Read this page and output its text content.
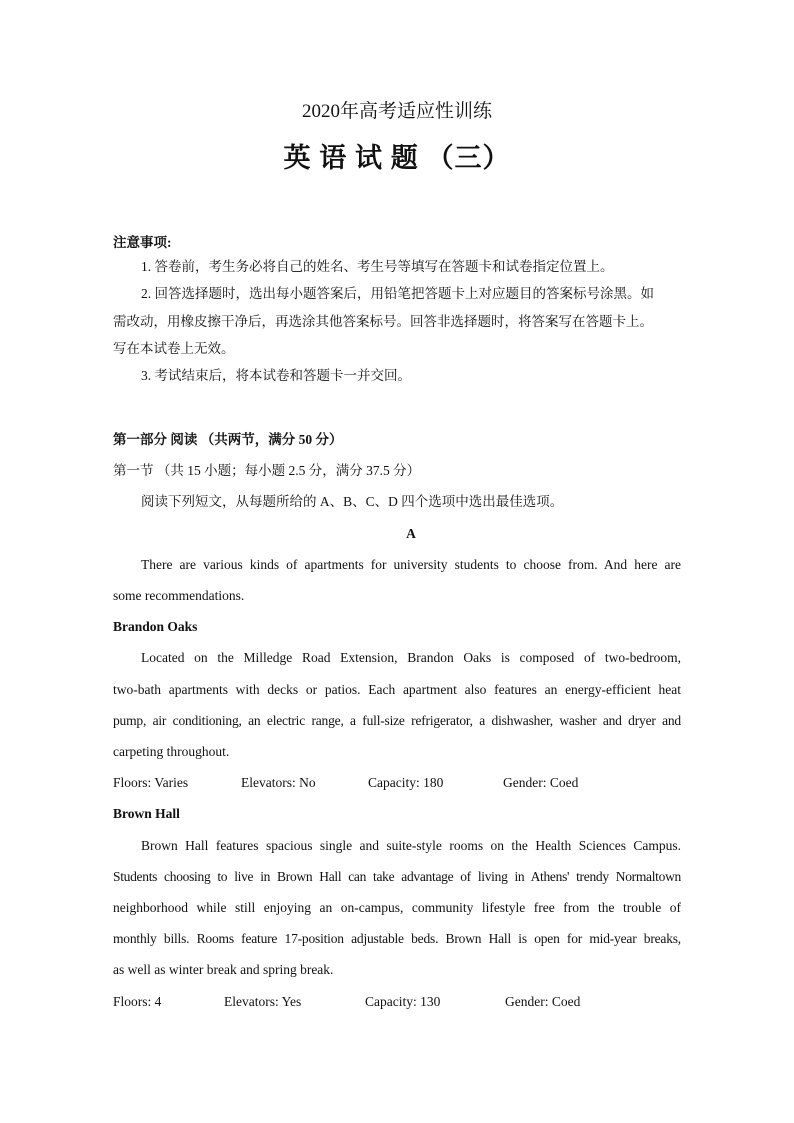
2020年高考适应性训练
英 语 试 题 （三）
注意事项:
1. 答卷前，考生务必将自己的姓名、考生号等填写在答题卡和试卷指定位置上。
2. 回答选择题时，选出每小题答案后，用铅笔把答题卡上对应题目的答案标号涂黑。如
需改动，用橡皮擦干净后，再选涂其他答案标号。回答非选择题时，将答案写在答题卡上。
写在本试卷上无效。
3. 考试结束后，将本试卷和答题卡一并交回。
第一部分 阅读 （共两节，满分 50 分）
第一节 （共 15 小题；每小题 2.5 分，满分 37.5 分）
阅读下列短文，从每题所给的 A、B、C、D 四个选项中选出最佳选项。
A
There are various kinds of apartments for university students to choose from. And here are
some recommendations.
Brandon Oaks
Located on the Milledge Road Extension, Brandon Oaks is composed of two-bedroom,
two-bath apartments with decks or patios. Each apartment also features an energy-efficient heat
pump, air conditioning, an electric range, a full-size refrigerator, a dishwasher, washer and dryer and
carpeting throughout.
Floors: Varies	Elevators: No	Capacity: 180	Gender: Coed
Brown Hall
Brown Hall features spacious single and suite-style rooms on the Health Sciences Campus.
Students choosing to live in Brown Hall can take advantage of living in Athens' trendy Normaltown
neighborhood while still enjoying an on-campus, community lifestyle free from the trouble of
monthly bills. Rooms feature 17-position adjustable beds. Brown Hall is open for mid-year breaks,
as well as winter break and spring break.
Floors: 4	Elevators: Yes	Capacity: 130	Gender: Coed
